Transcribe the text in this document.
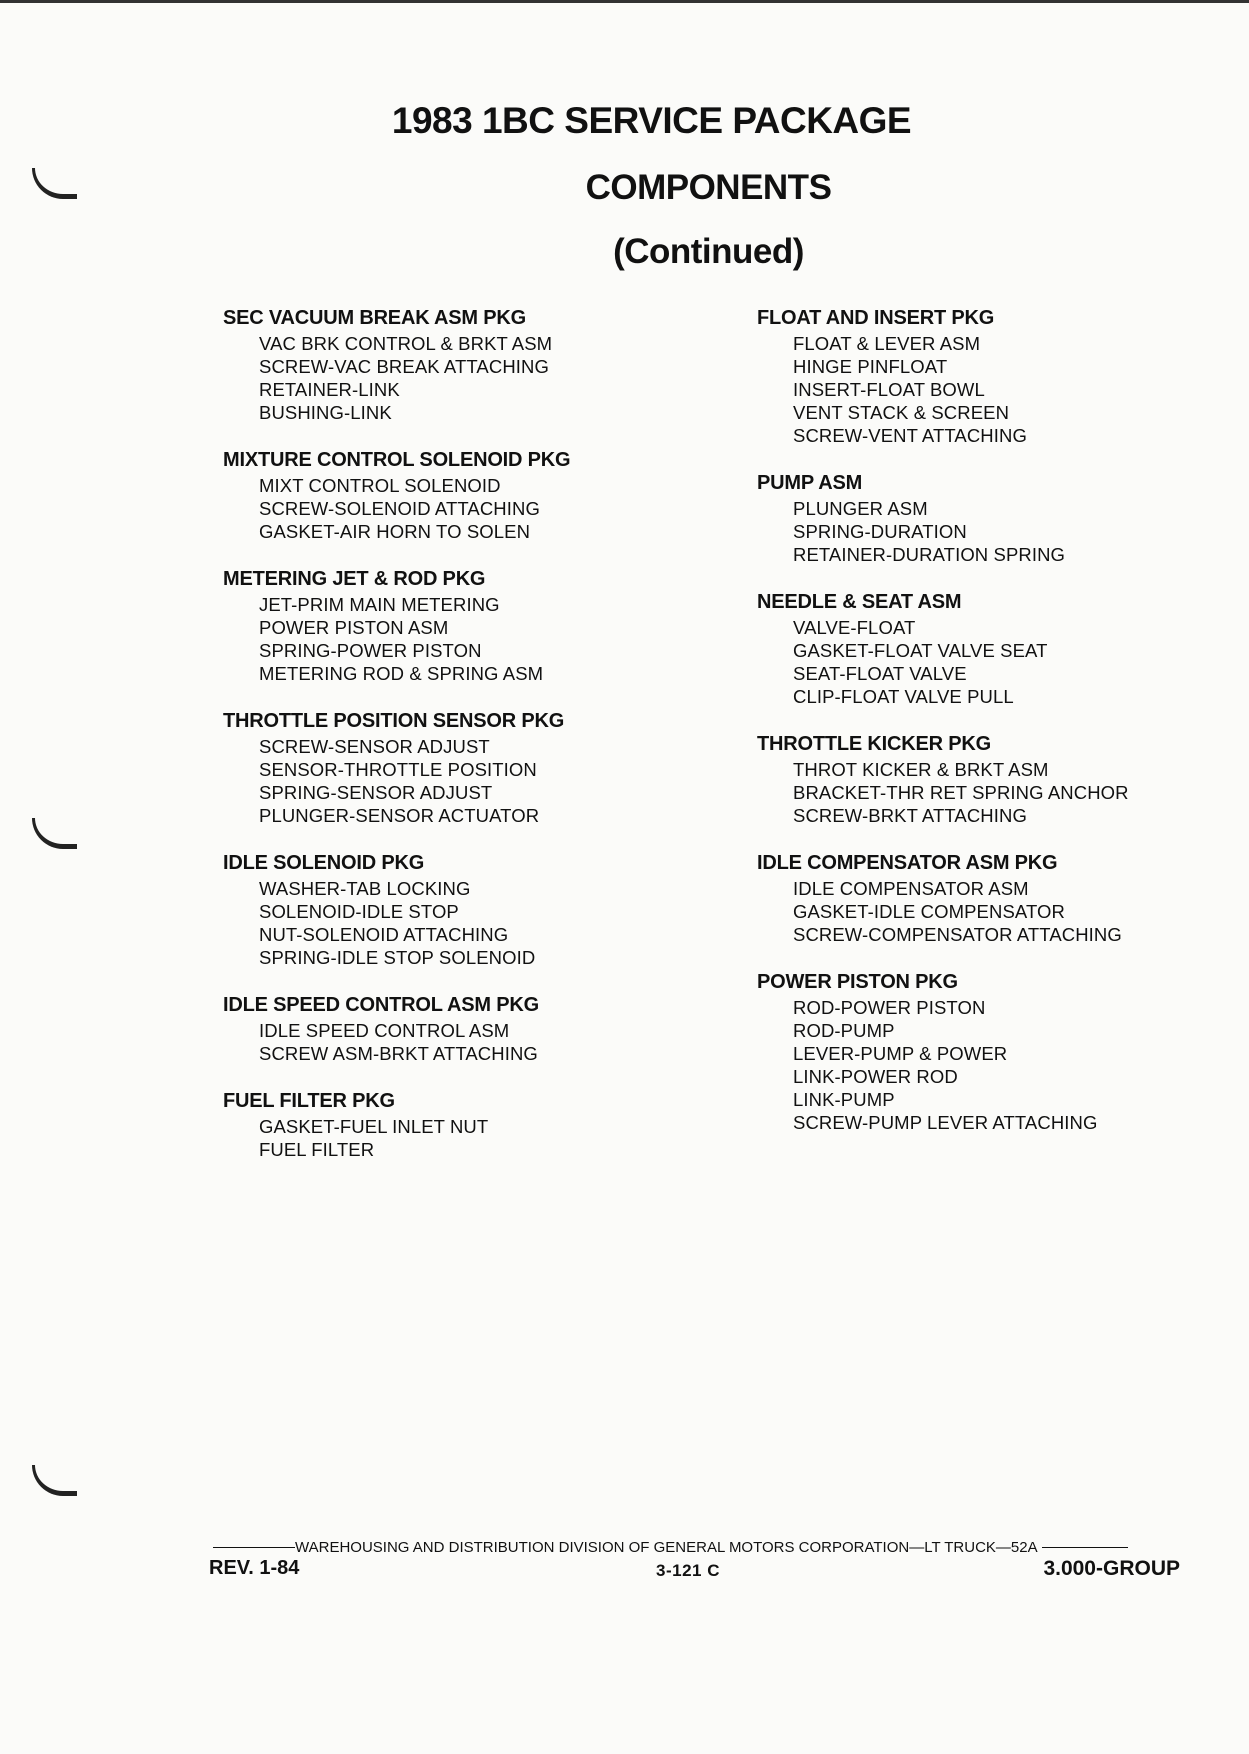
1983 1BC SERVICE PACKAGE
COMPONENTS
(Continued)
SEC VACUUM BREAK ASM PKG
VAC BRK CONTROL & BRKT ASM
SCREW-VAC BREAK ATTACHING
RETAINER-LINK
BUSHING-LINK
MIXTURE CONTROL SOLENOID PKG
MIXT CONTROL SOLENOID
SCREW-SOLENOID ATTACHING
GASKET-AIR HORN TO SOLEN
METERING JET & ROD PKG
JET-PRIM MAIN METERING
POWER PISTON ASM
SPRING-POWER PISTON
METERING ROD & SPRING ASM
THROTTLE POSITION SENSOR PKG
SCREW-SENSOR ADJUST
SENSOR-THROTTLE POSITION
SPRING-SENSOR ADJUST
PLUNGER-SENSOR ACTUATOR
IDLE SOLENOID PKG
WASHER-TAB LOCKING
SOLENOID-IDLE STOP
NUT-SOLENOID ATTACHING
SPRING-IDLE STOP SOLENOID
IDLE SPEED CONTROL ASM PKG
IDLE SPEED CONTROL ASM
SCREW ASM-BRKT ATTACHING
FUEL FILTER PKG
GASKET-FUEL INLET NUT
FUEL FILTER
FLOAT AND INSERT PKG
FLOAT & LEVER ASM
HINGE PINFLOAT
INSERT-FLOAT BOWL
VENT STACK & SCREEN
SCREW-VENT ATTACHING
PUMP ASM
PLUNGER ASM
SPRING-DURATION
RETAINER-DURATION SPRING
NEEDLE & SEAT ASM
VALVE-FLOAT
GASKET-FLOAT VALVE SEAT
SEAT-FLOAT VALVE
CLIP-FLOAT VALVE PULL
THROTTLE KICKER PKG
THROT KICKER & BRKT ASM
BRACKET-THR RET SPRING ANCHOR
SCREW-BRKT ATTACHING
IDLE COMPENSATOR ASM PKG
IDLE COMPENSATOR ASM
GASKET-IDLE COMPENSATOR
SCREW-COMPENSATOR ATTACHING
POWER PISTON PKG
ROD-POWER PISTON
ROD-PUMP
LEVER-PUMP & POWER
LINK-POWER ROD
LINK-PUMP
SCREW-PUMP LEVER ATTACHING
WAREHOUSING AND DISTRIBUTION DIVISION OF GENERAL MOTORS CORPORATION—LT TRUCK—52A
REV. 1-84	3-121 C	3.000-GROUP
